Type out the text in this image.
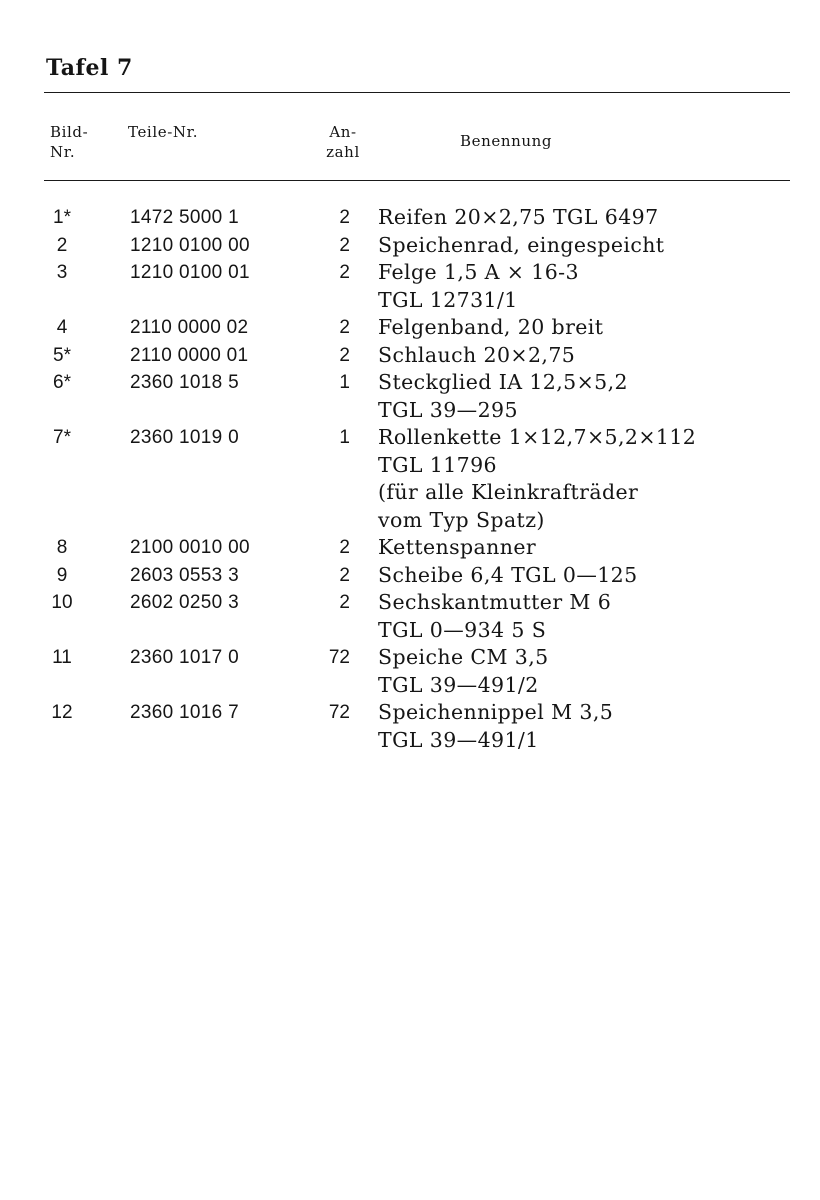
Tafel 7
Bild-
Nr.
Teile-Nr.	An-
zahl
Benennung
1*	1472 5000 1	2 Reifen 20×2,75 TGL 6497
2	1210 0100 00	2 Speichenrad, eingespeicht
3	1210 0100 01	2 Felge 1,5 A × 16-3
TGL 12731/1
4	2110 0000 02	2 Felgenband, 20 breit
5*	2110 0000 01	2 Schlauch 20×2,75
6*	2360 1018 5	1 Steckglied IA 12,5×5,2
TGL 39—295
7*	2360 1019 0	1 Rollenkette 1×12,7×5,2×112
TGL 11796
(für alle Kleinkrafträder
vom Typ Spatz)
8	2100 0010 00	2 Kettenspanner
9	2603 0553 3	2 Scheibe 6,4 TGL 0—125
10	2602 0250 3	2 Sechskantmutter M 6
TGL 0—934 5 S
11	2360 1017 0	72 Speiche CM 3,5
TGL 39—491/2
12	2360 1016 7	72 Speichennippel M 3,5
TGL 39—491/1
